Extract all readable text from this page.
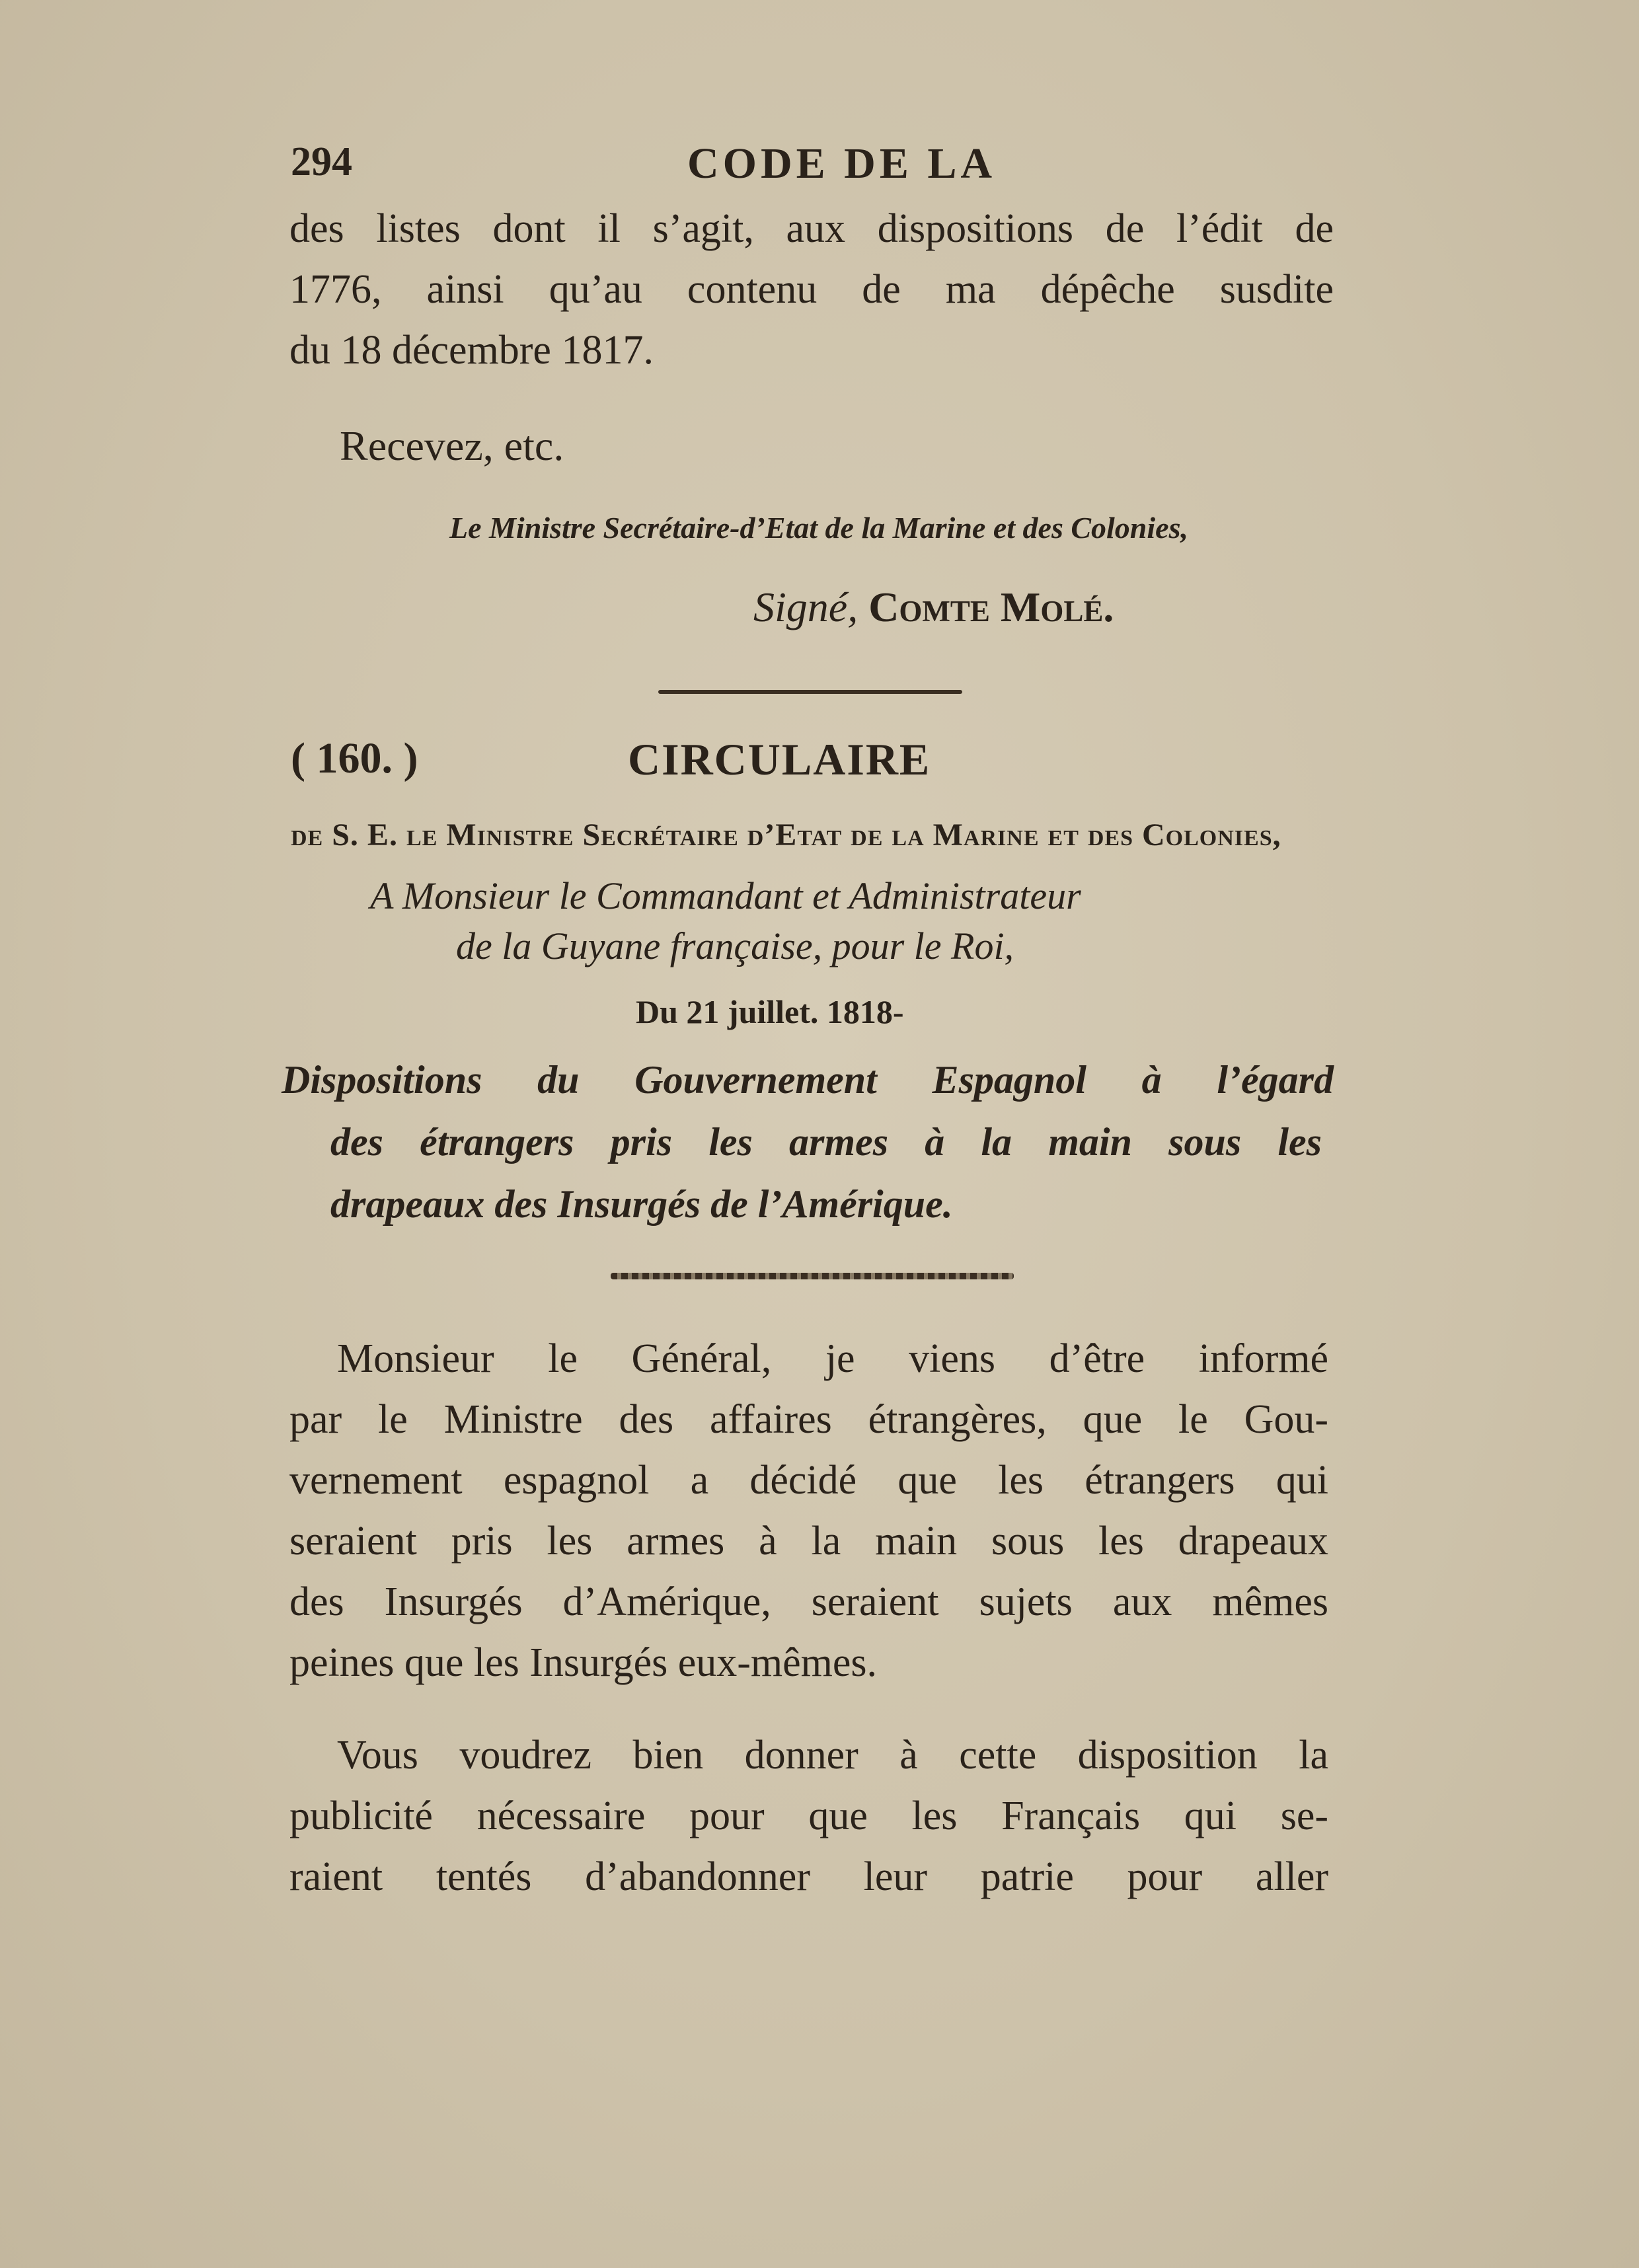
294	CODE DE LA
des listes dont il s’agit, aux dispositions de l’édit de
1776, ainsi qu’au contenu de ma dépêche susdite
du 18 décembre 1817.
Recevez, etc.
Le Ministre Secrétaire-d’Etat de la Marine et des Colonies,
Signé, Comte Molé.
( 160. )	CIRCULAIRE
de S. E. le Ministre Secrétaire d’Etat de la Marine et des Colonies,
A Monsieur le Commandant et Administrateur
de la Guyane française, pour le Roi,
Du 21 juillet. 1818-
Dispositions du Gouvernement Espagnol à l’égard
des étrangers pris les armes à la main sous les
drapeaux des Insurgés de l’Amérique.
Monsieur le Général, je viens d’être informé
par le Ministre des affaires étrangères, que le Gou-
vernement espagnol a décidé que les étrangers qui
seraient pris les armes à la main sous les drapeaux
des Insurgés d’Amérique, seraient sujets aux mêmes
peines que les Insurgés eux-mêmes.
Vous voudrez bien donner à cette disposition la
publicité nécessaire pour que les Français qui se-
raient tentés d’abandonner leur patrie pour aller
